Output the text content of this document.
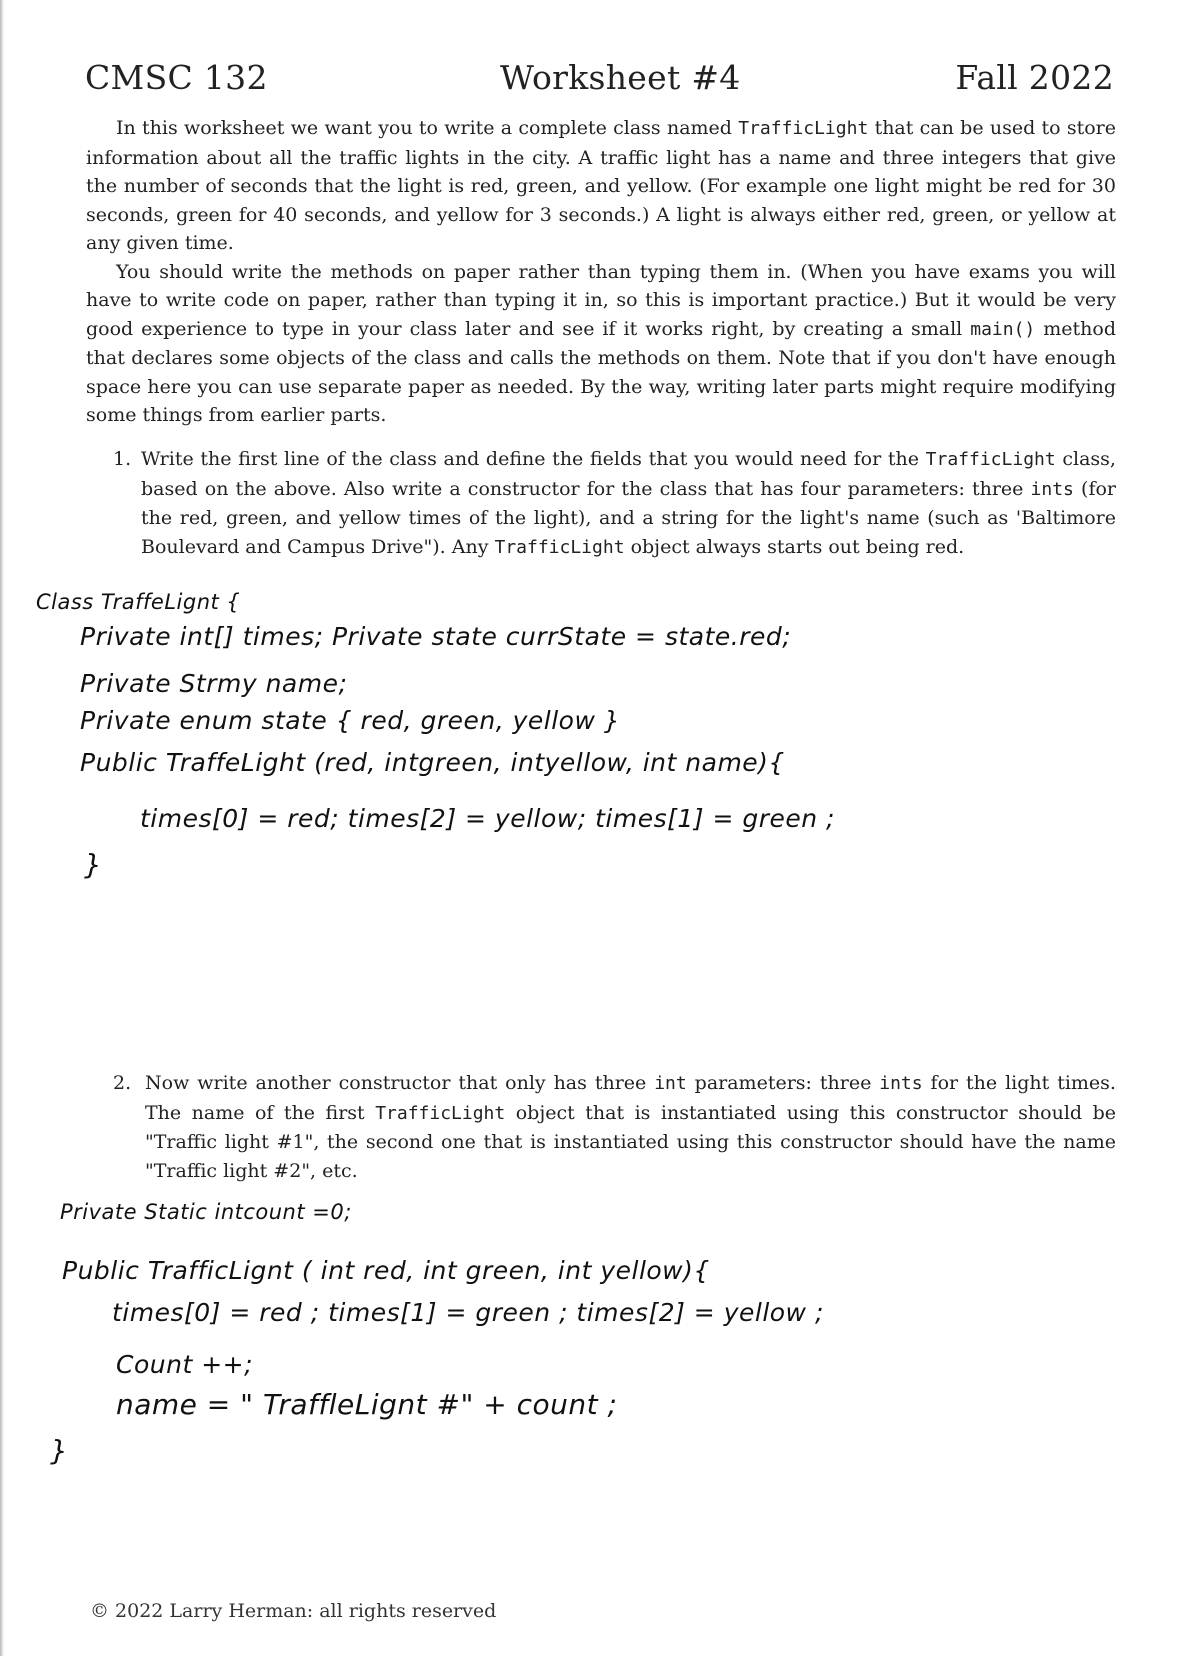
CMSC 132	Worksheet #4	Fall 2022

In this worksheet we want you to write a complete class named TrafficLight that can be used to store information about all the traffic lights in the city. A traffic light has a name and three integers that give the number of seconds that the light is red, green, and yellow. (For example one light might be red for 30 seconds, green for 40 seconds, and yellow for 3 seconds.) A light is always either red, green, or yellow at any given time.

You should write the methods on paper rather than typing them in. (When you have exams you will have to write code on paper, rather than typing it in, so this is important practice.) But it would be very good experience to type in your class later and see if it works right, by creating a small main() method that declares some objects of the class and calls the methods on them. Note that if you don't have enough space here you can use separate paper as needed. By the way, writing later parts might require modifying some things from earlier parts.

1. Write the first line of the class and define the fields that you would need for the TrafficLight class, based on the above. Also write a constructor for the class that has four parameters: three ints (for the red, green, and yellow times of the light), and a string for the light's name (such as 'Baltimore Boulevard and Campus Drive"). Any TrafficLight object always starts out being red.
Class TraffeLignt {
Private int[] times; Private state currState = state.red;
Private Strmy name;
Private enum state { red, green, yellow }
Public TraffeLight (red, intgreen, intyellow, int name){
times[0] = red; times[2] = yellow; times[1] = green ;
}
2. Now write another constructor that only has three int parameters: three ints for the light times. The name of the first TrafficLight object that is instantiated using this constructor should be "Traffic light #1", the second one that is instantiated using this constructor should have the name "Traffic light #2", etc.
Private Static intcount =0;
Public TrafficLignt ( int red, int green, int yellow){
times[0] = red ; times[1] = green ; times[2] = yellow ;
Count ++;
name = " TraffleLignt #" + count ;
}
© 2022 Larry Herman: all rights reserved
